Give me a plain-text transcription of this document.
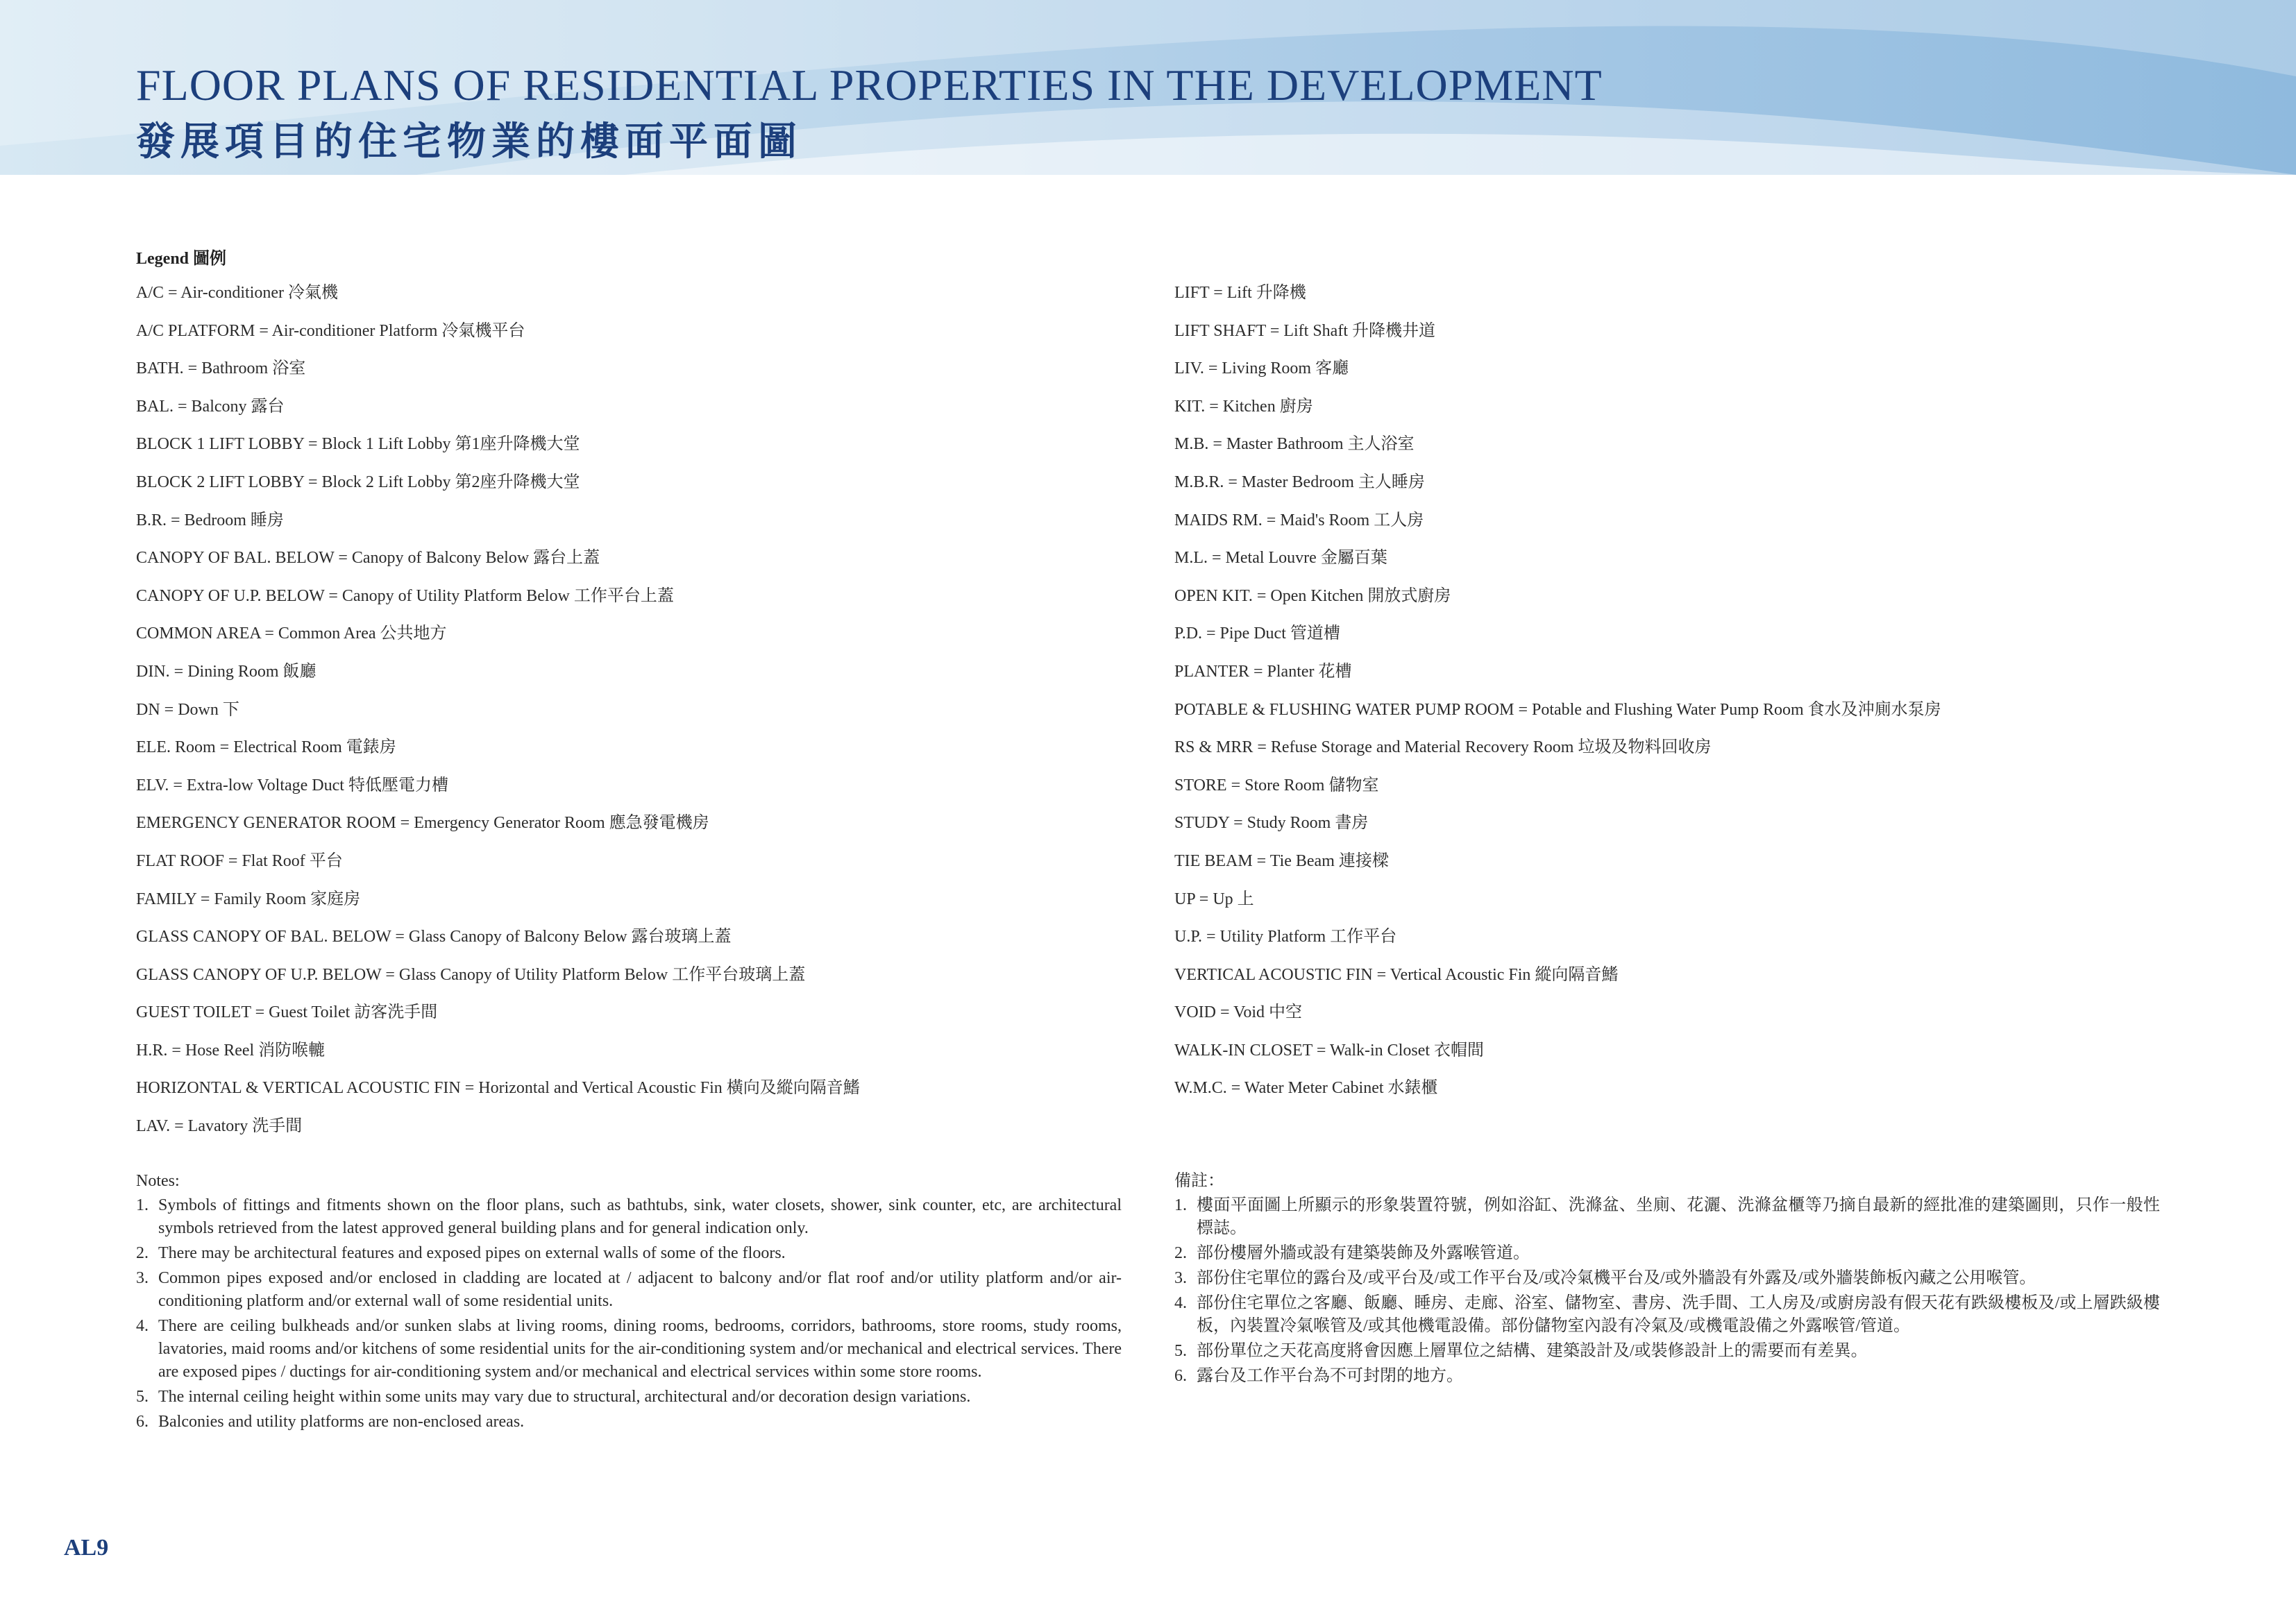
FLOOR PLANS OF RESIDENTIAL PROPERTIES IN THE DEVELOPMENT
發展項目的住宅物業的樓面平面圖
Legend 圖例
A/C = Air-conditioner 冷氣機
A/C PLATFORM = Air-conditioner Platform 冷氣機平台
BATH. = Bathroom 浴室
BAL. = Balcony 露台
BLOCK 1 LIFT LOBBY = Block 1 Lift Lobby 第1座升降機大堂
BLOCK 2 LIFT LOBBY = Block 2 Lift Lobby 第2座升降機大堂
B.R. = Bedroom 睡房
CANOPY OF BAL. BELOW = Canopy of Balcony Below 露台上蓋
CANOPY OF U.P. BELOW = Canopy of Utility Platform Below 工作平台上蓋
COMMON AREA = Common Area 公共地方
DIN. = Dining Room 飯廳
DN = Down 下
ELE. Room = Electrical Room 電錶房
ELV. = Extra-low Voltage Duct 特低壓電力槽
EMERGENCY GENERATOR ROOM = Emergency Generator Room 應急發電機房
FLAT ROOF = Flat Roof 平台
FAMILY = Family Room 家庭房
GLASS CANOPY OF BAL. BELOW = Glass Canopy of Balcony Below 露台玻璃上蓋
GLASS CANOPY OF U.P. BELOW = Glass Canopy of Utility Platform Below 工作平台玻璃上蓋
GUEST TOILET = Guest Toilet 訪客洗手間
H.R. = Hose Reel 消防喉轆
HORIZONTAL & VERTICAL ACOUSTIC FIN = Horizontal and Vertical Acoustic Fin 橫向及縱向隔音鰭
LAV. = Lavatory 洗手間
LIFT = Lift 升降機
LIFT SHAFT = Lift Shaft 升降機井道
LIV. = Living Room 客廳
KIT. = Kitchen 廚房
M.B. = Master Bathroom 主人浴室
M.B.R. = Master Bedroom 主人睡房
MAIDS RM. = Maid's Room 工人房
M.L. = Metal Louvre 金屬百葉
OPEN KIT. = Open Kitchen 開放式廚房
P.D. = Pipe Duct 管道槽
PLANTER = Planter 花槽
POTABLE & FLUSHING WATER PUMP ROOM = Potable and Flushing Water Pump Room 食水及沖廁水泵房
RS & MRR = Refuse Storage and Material Recovery Room 垃圾及物料回收房
STORE = Store Room 儲物室
STUDY = Study Room 書房
TIE BEAM = Tie Beam 連接樑
UP = Up 上
U.P. = Utility Platform 工作平台
VERTICAL ACOUSTIC FIN = Vertical Acoustic Fin 縱向隔音鰭
VOID = Void 中空
WALK-IN CLOSET = Walk-in Closet 衣帽間
W.M.C. = Water Meter Cabinet 水錶櫃

Notes:

1. Symbols of fittings and fitments shown on the floor plans, such as bathtubs, sink, water closets, shower, sink counter, etc, are architectural symbols retrieved from the latest approved general building plans and for general indication only.
2. There may be architectural features and exposed pipes on external walls of some of the floors.
3. Common pipes exposed and/or enclosed in cladding are located at / adjacent to balcony and/or flat roof and/or utility platform and/or air-conditioning platform and/or external wall of some residential units.
4. There are ceiling bulkheads and/or sunken slabs at living rooms, dining rooms, bedrooms, corridors, bathrooms, store rooms, study rooms, lavatories, maid rooms and/or kitchens of some residential units for the air-conditioning system and/or mechanical and electrical services. There are exposed pipes / ductings for air-conditioning system and/or mechanical and electrical services within some store rooms.
5. The internal ceiling height within some units may vary due to structural, architectural and/or decoration design variations.
6. Balconies and utility platforms are non-enclosed areas.

備註：

1. 樓面平面圖上所顯示的形象裝置符號，例如浴缸、洗滌盆、坐廁、花灑、洗滌盆櫃等乃摘自最新的經批准的建築圖則，只作一般性標誌。
2. 部份樓層外牆或設有建築裝飾及外露喉管道。
3. 部份住宅單位的露台及/或平台及/或工作平台及/或冷氣機平台及/或外牆設有外露及/或外牆裝飾板內藏之公用喉管。
4. 部份住宅單位之客廳、飯廳、睡房、走廊、浴室、儲物室、書房、洗手間、工人房及/或廚房設有假天花有跌級樓板及/或上層跌級樓板，內裝置冷氣喉管及/或其他機電設備。部份儲物室內設有冷氣及/或機電設備之外露喉管/管道。
5. 部份單位之天花高度將會因應上層單位之結構、建築設計及/或裝修設計上的需要而有差異。
6. 露台及工作平台為不可封閉的地方。
AL9
